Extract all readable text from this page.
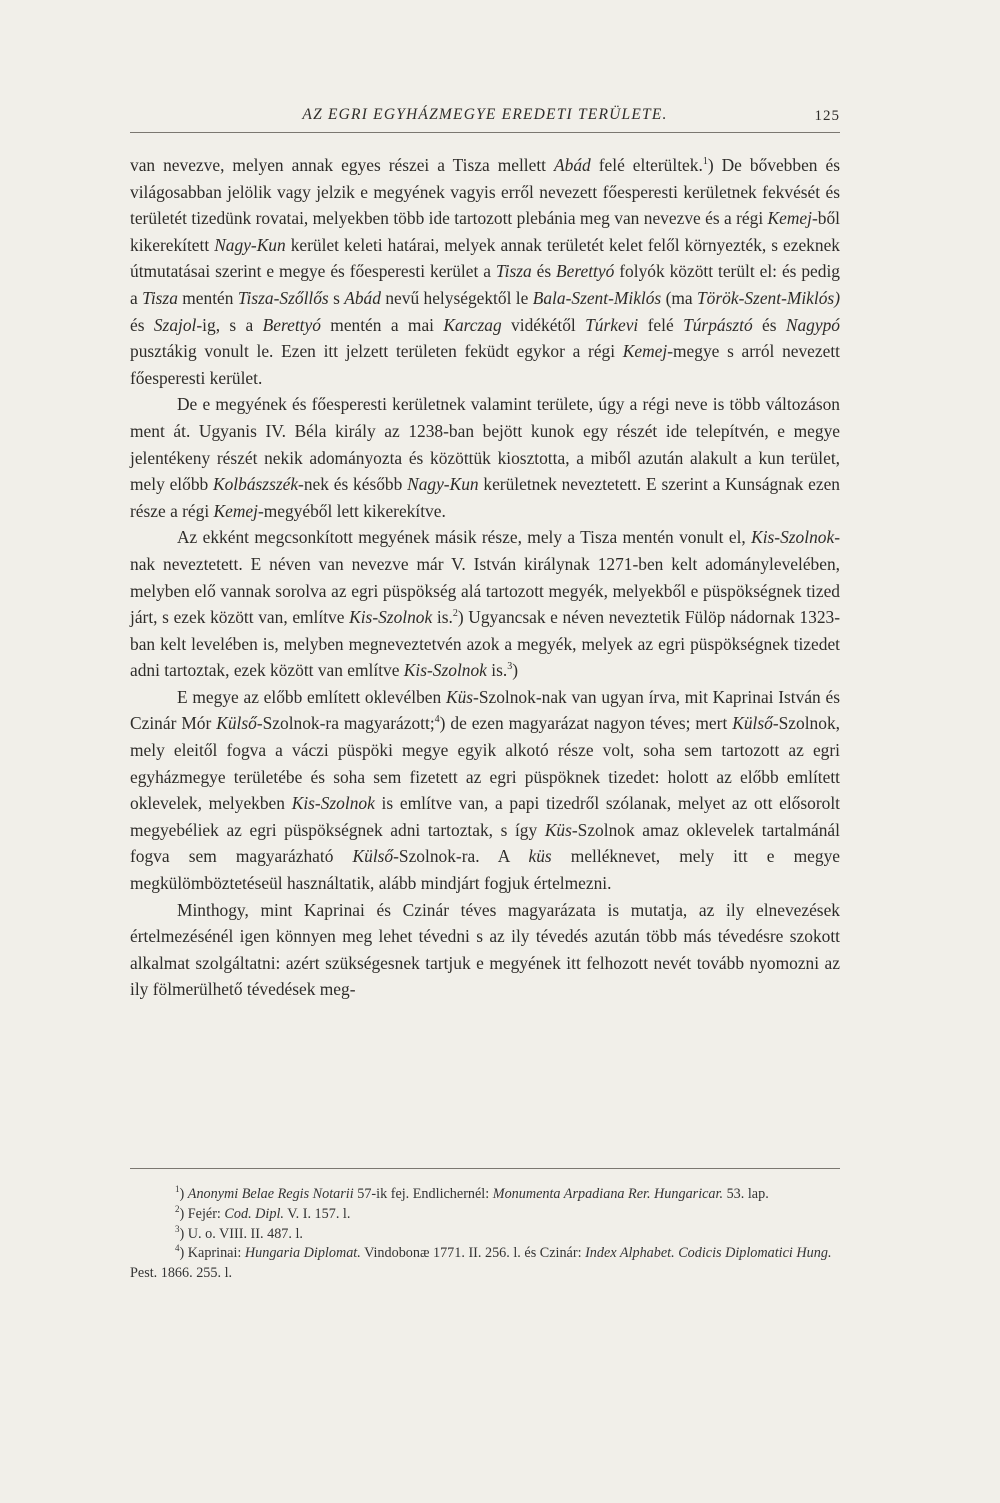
AZ EGRI EGYHÁZMEGYE EREDETI TERÜLETE.	125

van nevezve, melyen annak egyes részei a Tisza mellett Abád felé elterültek.$^1$) De bővebben és világosabban jelölik vagy jelzik e megyének vagyis erről nevezett főesperesti kerületnek fekvését és területét tizedünk rovatai, melyekben több ide tartozott plebánia meg van nevezve és a régi Kemej-ből kikerekített Nagy-Kun kerület keleti határai, melyek annak területét kelet felől környezték, s ezeknek útmutatásai szerint e megye és főesperesti kerület a Tisza és Berettyó folyók között terült el: és pedig a Tisza mentén Tisza-Szőllős s Abád nevű helységektől le Bala-Szent-Miklós (ma Török-Szent-Miklós) és Szajol-ig, s a Berettyó mentén a mai Karczag vidékétől Túrkevi felé Túrpásztó és Nagypó pusztákig vonult le. Ezen itt jelzett területen feküdt egykor a régi Kemej-megye s arról nevezett főesperesti kerület.

De e megyének és főesperesti kerületnek valamint területe, úgy a régi neve is több változáson ment át. Ugyanis IV. Béla király az 1238-ban bejött kunok egy részét ide telepítvén, e megye jelentékeny részét nekik adományozta és közöttük kiosztotta, a miből azután alakult a kun terület, mely előbb Kolbászszék-nek és később Nagy-Kun kerületnek neveztetett. E szerint a Kunságnak ezen része a régi Kemej-megyéből lett kikerekítve.

Az ekként megcsonkított megyének másik része, mely a Tisza mentén vonult el, Kis-Szolnok-nak neveztetett. E néven van nevezve már V. István királynak 1271-ben kelt adománylevelében, melyben elő vannak sorolva az egri püspökség alá tartozott megyék, melyekből e püspökségnek tized járt, s ezek között van, említve Kis-Szolnok is.$^2$) Ugyancsak e néven neveztetik Fülöp nádornak 1323-ban kelt levelében is, melyben megneveztetvén azok a megyék, melyek az egri püspökségnek tizedet adni tartoztak, ezek között van említve Kis-Szolnok is.$^3$)

E megye az előbb említett oklevélben Küs-Szolnok-nak van ugyan írva, mit Kaprinai István és Czinár Mór Külső-Szolnok-ra magyarázott;$^4$) de ezen magyarázat nagyon téves; mert Külső-Szolnok, mely eleitől fogva a váczi püspöki megye egyik alkotó része volt, soha sem tartozott az egri egyházmegye területébe és soha sem fizetett az egri püspöknek tizedet: holott az előbb említett oklevelek, melyekben Kis-Szolnok is említve van, a papi tizedről szólanak, melyet az ott elősorolt megyebéliek az egri püspökségnek adni tartoztak, s így Küs-Szolnok amaz oklevelek tartalmánál fogva sem magyarázható Külső-Szolnok-ra. A küs melléknevet, mely itt e megye megkülömböztetéseül használtatik, alább mindjárt fogjuk értelmezni.

Minthogy, mint Kaprinai és Czinár téves magyarázata is mutatja, az ily elnevezések értelmezésénél igen könnyen meg lehet tévedni s az ily tévedés azután több más tévedésre szokott alkalmat szolgáltatni: azért szükségesnek tartjuk e megyének itt felhozott nevét tovább nyomozni az ily fölmerülhető tévedések meg-

$^1$) Anonymi Belae Regis Notarii 57-ik fej. Endlichernél: Monumenta Arpadiana Rer. Hungaricar. 53. lap.

$^2$) Fejér: Cod. Dipl. V. I. 157. l.

$^3$) U. o. VIII. II. 487. l.

$^4$) Kaprinai: Hungaria Diplomat. Vindobonæ 1771. II. 256. l. és Czinár: Index Alphabet. Codicis Diplomatici Hung. Pest. 1866. 255. l.
